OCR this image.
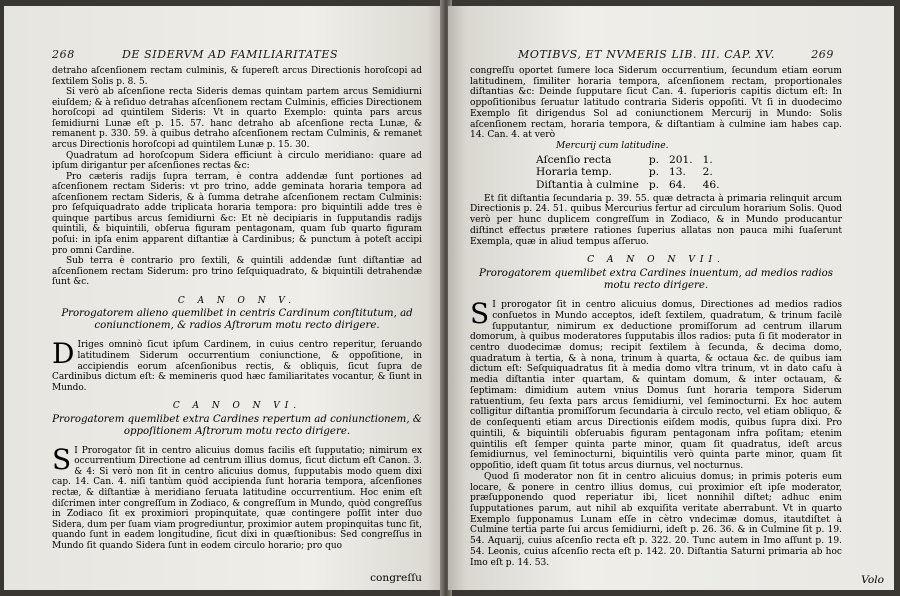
268	DE SIDERVM AD FAMILIARITATES

detraho aſcenſionem rectam culminis, & ſupereſt arcus Directionis horoſcopi ad ſextilem Solis p. 8. 5.

Si verò ab aſcenſione recta Sideris demas quintam partem arcus Semidiurni eiuſdem; & à reſiduo detrahas aſcenſionem rectam Culminis, efficies Directionem horoſcopi ad quintilem Sideris: Vt in quarto Exemplo: quinta pars arcus ſemidiurni Lunæ eſt p. 15. 57. hanc detraho ab aſcenſione recta Lunæ, & remanent p. 330. 59. à quibus detraho aſcenſionem rectam Culminis, & remanet arcus Directionis horoſcopi ad quintilem Lunæ p. 15. 30.

Quadratum ad horoſcopum Sidera efficiunt à circulo meridiano: quare ad ipſum dirigantur per aſcenſiones rectas &c:

Pro cæteris radijs ſupra terram, è contra addendæ ſunt portiones ad aſcenſionem rectam Sideris: vt pro trino, adde geminata horaria tempora ad aſcenſionem rectam Sideris, & à ſumma detrahe aſcenſionem rectam Culminis: pro ſeſquiquadrato adde triplicata horaria tempora: pro biquintili adde tres è quinque partibus arcus ſemidiurni &c: Et nè decipiaris in ſupputandis radijs quintili, & biquintili, obſerua figuram pentagonam, quam ſub quarto figuram poſui: in ipſa enim apparent diſtantiæ à Cardinibus; & punctum à poteſt accipi pro omni Cardine.

Sub terra è contrario pro ſextili, & quintili addendæ ſunt diſtantiæ ad aſcenſionem rectam Siderum: pro trino ſeſquiquadrato, & biquintili detrahendæ ſunt &c.

C A N O N V.
Prorogatorem alieno quemlibet in centris Cardinum conſtitutum, ad coniunctionem, & radios Aſtrorum motu recto dirigere.

D Iriges omninò ſicut ipſum Cardinem, in cuius centro reperitur, ſeruando latitudinem Siderum occurrentium coniunctione, & oppoſitione, in accipiendis eorum aſcenſionibus rectis, & obliquis, ſicut ſupra de Cardinibus dictum eſt: & memineris quod hæc familiaritates vocantur, & ſiunt in Mundo.

C A N O N VI.
Prorogatorem quemlibet extra Cardines repertum ad coniunctionem, & oppoſitionem Aſtrorum motu recto dirigere.

S I Prorogator ſit in centro alicuius domus facilis eſt ſupputatio; nimirum ex occurrentium Directione ad centrum illius domus, ſicut dictum eſt Canon. 3. & 4: Si verò non ſit in centro alicuius domus, ſupputabis modo quem dixi cap. 14. Can. 4. niſi tantùm quòd accipienda ſunt horaria tempora, aſcenſiones rectæ, & diſtantiæ à meridiano ſeruata latitudine occurrentium. Hoc enim eſt diſcrimen inter congreſſum in Zodiaco, & congreſſum in Mundo, quòd congreſſus in Zodiaco ſit ex proximiori propinquitate, quæ contingere poſſit inter duo Sidera, dum per ſuam viam progrediuntur, proximior autem propinquitas tunc ſit, quando ſunt in eadem longitudine, ſicut dixi in quæſtionibus: Sed congreſſus in Mundo ſit quando Sidera ſunt in eodem circulo horario; pro quo

congreſſu
MOTIBVS, ET NVMERIS LIB. III. CAP. XV.	269

congreſſu oportet ſumere loca Siderum occurrentium, ſecundum etiam eorum latitudinem, ſimiliter horaria tempora, aſcenſionem rectam, proportionales diſtantias &c: Deinde ſupputare ſicut Can. 4. ſuperioris capitis dictum eſt: In oppoſitionibus ſeruatur latitudo contraria Sideris oppoſiti. Vt ſi in duodecimo Exemplo ſit dirigendus Sol ad coniunctionem Mercurij in Mundo: Solis aſcenſionem rectam, horaria tempora, & diſtantiam à culmine iam habes cap. 14. Can. 4. at verò

Mercurij cum latitudine.
Aſcenſio recta	p.	201.	1.
Horaria temp.	p.	13.	2.
Diſtantia à culmine	p.	64.	46.

Et ſit diſtantia ſecundaria p. 39. 55. quæ detracta à primaria relinquit arcum Directionis p. 24. 51. quibus Mercurius fertur ad circulum horarium Solis. Quod verò per hunc duplicem congreſſum in Zodiaco, & in Mundo producantur diſtinct effectus prætere rationes ſuperius allatas non pauca mihi ſuaſerunt Exempla, quæ in aliud tempus aſſeruo.

C A N O N VII.
Prorogatorem quemlibet extra Cardines inuentum, ad medios radios motu recto dirigere.

S I prorogator ſit in centro alicuius domus, Directiones ad medios radios conſuetos in Mundo acceptos, ideſt ſextilem, quadratum, & trinum facilè ſupputantur, nimirum ex deductione promiſſorum ad centrum illarum domorum, à quibus moderatores ſupputabis illos radios: puta ſi ſit moderator in centro duodecimæ domus; recipit ſextilem à ſecunda, & decima domo, quadratum à tertia, & à nona, trinum à quarta, & octaua &c. de quibus iam dictum eſt: Seſquiquadratus ſit à media domo vltra trinum, vt in dato caſu à media diſtantia inter quartam, & quintam domum, & inter octauam, & ſeptimam: dimidium autem vnius Domus ſunt horaria tempora Siderum ratuentium, ſeu ſexta pars arcus ſemidiurni, vel ſeminocturni. Ex hoc autem colligitur diſtantia promiſſorum ſecundaria à circulo recto, vel etiam obliquo, & de conſequenti etiam arcus Directionis eiſdem modis, quibus ſupra dixi. Pro quintili, & biquintili obſeruabis figuram pentagonam infra poſitam; etenim quintilis eſt ſemper quinta parte minor, quam ſit quadratus, ideſt arcus ſemidiurnus, vel ſeminocturni, biquintilis verò quinta parte minor, quam ſit oppoſitio, ideſt quam ſit totus arcus diurnus, vel nocturnus.

Quod ſi moderator non ſit in centro alicuius domus; in primis poteris eum locare, & ponere in centro illius domus, cui proximior eſt ipſe moderator, præſupponendo quod reperiatur ibi, licet nonnihil diſtet; adhuc enim ſupputationes parum, aut nihil ab exquiſita veritate aberrabunt. Vt in quarto Exemplo ſupponamus Lunam eſſe in cètro vndecimæ domus, itautdiſtet à Culmine tertia parte ſui arcus ſemidiurni, ideſt p. 26. 36. & in Culmine ſit p. 19. 54. Aquarij, cuius aſcenſio recta eſt p. 322. 20. Tunc autem in Imo aſſunt p. 19. 54. Leonis, cuius aſcenſio recta eſt p. 142. 20. Diſtantia Saturni primaria ab hoc Imo eſt p. 14. 53.

Volo
